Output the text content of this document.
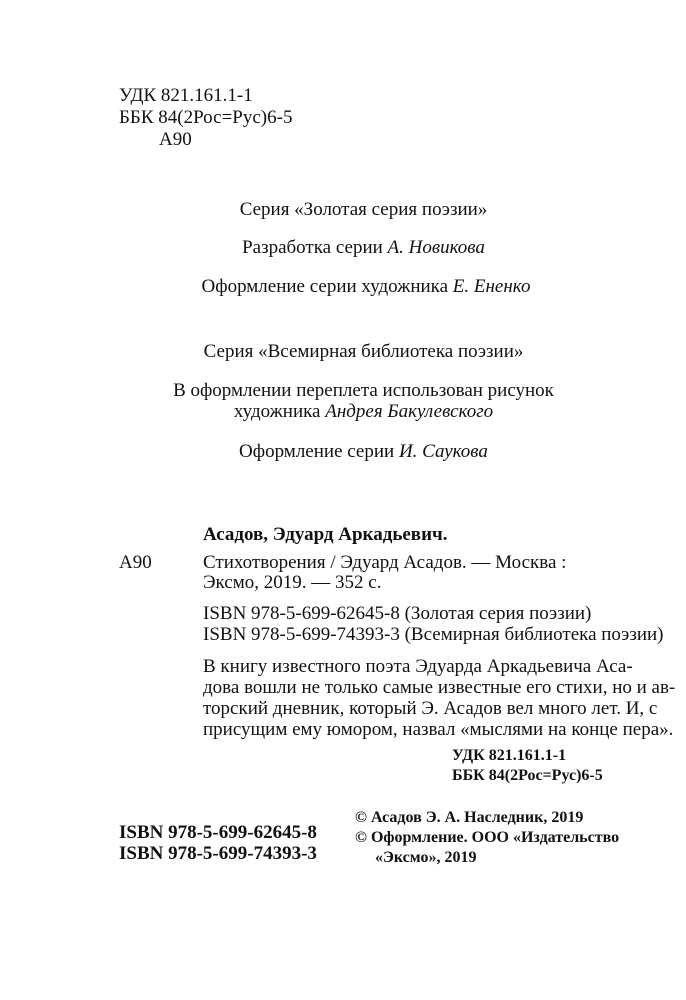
УДК 821.161.1-1
ББК 84(2Рос=Рус)6-5
А90
Серия «Золотая серия поэзии»
Разработка серии А. Новикова
Оформление серии художника Е. Ененко
Серия «Всемирная библиотека поэзии»
В оформлении переплета использован рисунок
художника Андрея Бакулевского
Оформление серии И. Саукова
Асадов, Эдуард Аркадьевич.
А90	Стихотворения / Эдуард Асадов. — Москва :
Эксмо, 2019. — 352 с.
ISBN 978-5-699-62645-8 (Золотая серия поэзии)
ISBN 978-5-699-74393-3 (Всемирная библиотека поэзии)
В книгу известного поэта Эдуарда Аркадьевича Аса-
дова вошли не только самые известные его стихи, но и ав-
торский дневник, который Э. Асадов вел много лет. И, с
присущим ему юмором, назвал «мыслями на конце пера».
УДК 821.161.1-1
ББК 84(2Рос=Рус)6-5
ISBN 978-5-699-62645-8
ISBN 978-5-699-74393-3
© Асадов Э. А. Наследник, 2019
© Оформление. ООО «Издательство
«Эксмо», 2019
